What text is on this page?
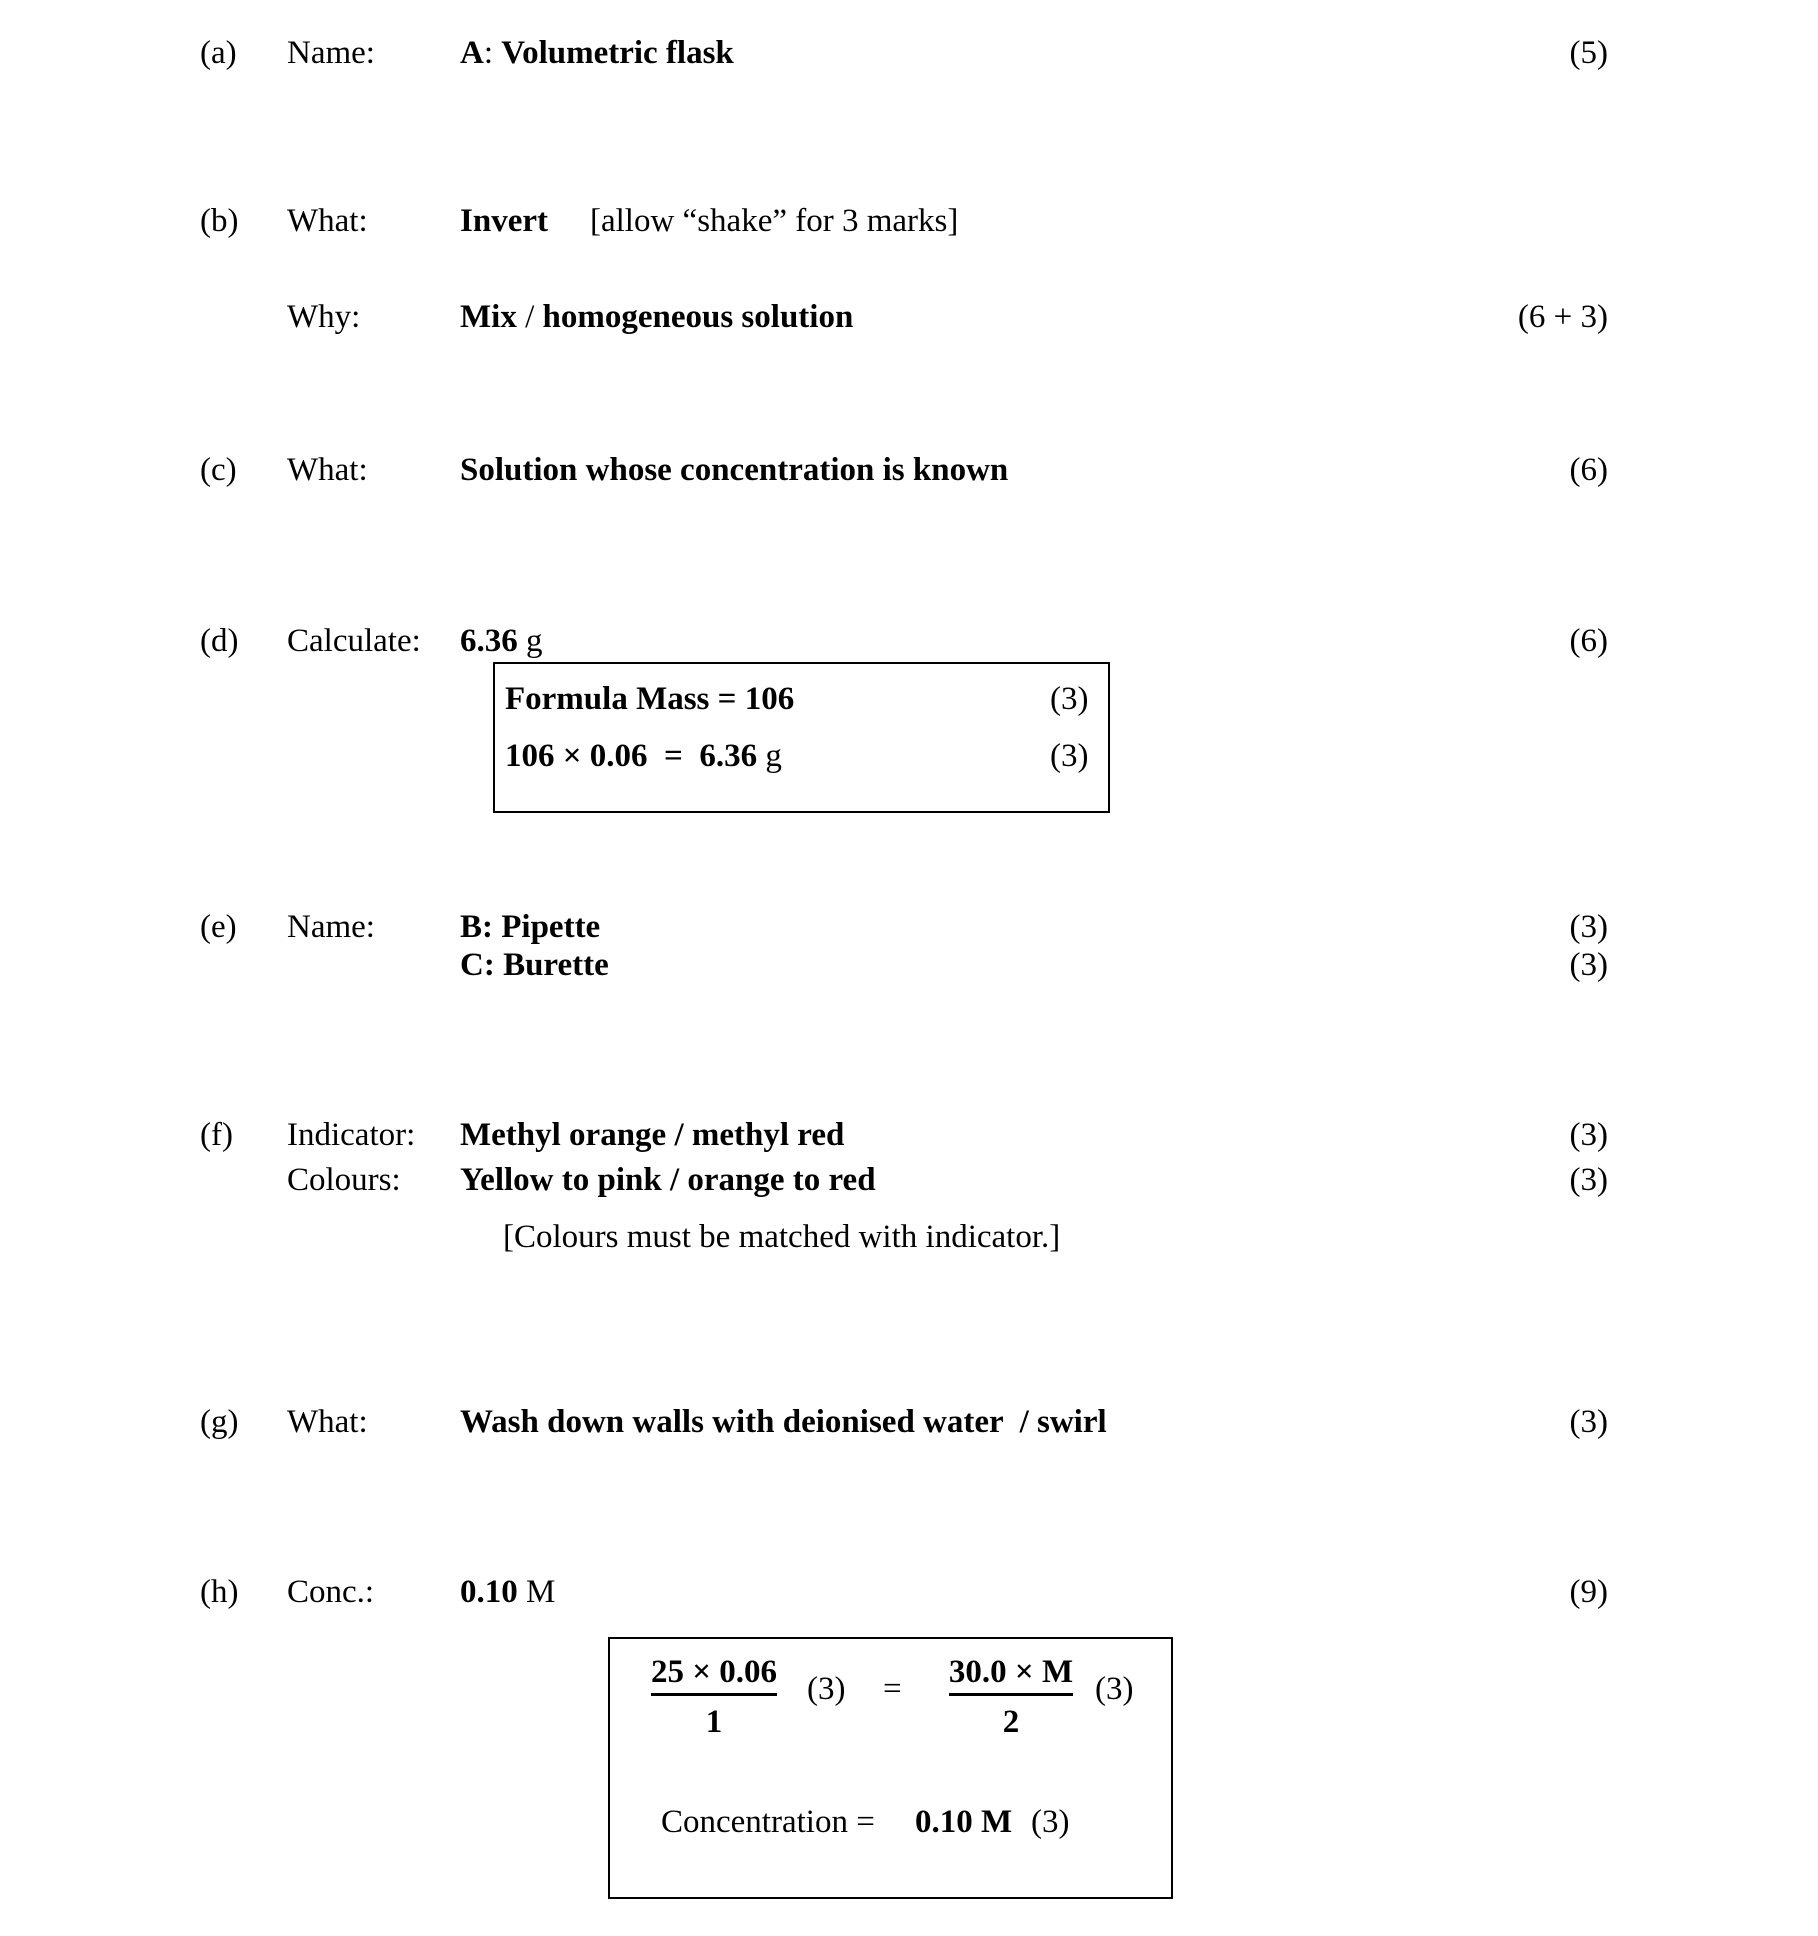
(a) Name:	A: Volumetric flask	(5)
(b) What:	Invert [allow “shake” for 3 marks]
Why:	Mix / homogeneous solution	(6 + 3)
(c) What:	Solution whose concentration is known	(6)
(d) Calculate: 6.36 g	(6)
Formula Mass = 106	(3)
106 × 0.06  =  6.36 g	(3)
(e) Name:	B: Pipette	(3)
C: Burette	(3)
(f) Indicator: Methyl orange / methyl red	(3)
Colours: Yellow to pink / orange to red	(3)
[Colours must be matched with indicator.]
(g) What:	Wash down walls with deionised water  / swirl	(3)
(h) Conc.:	0.10 M	(9)
$\frac{25 \times 0.06}{1} (3) = \frac{30.0 \times M}{2} (3)$
Concentration = 0.10 M (3)
